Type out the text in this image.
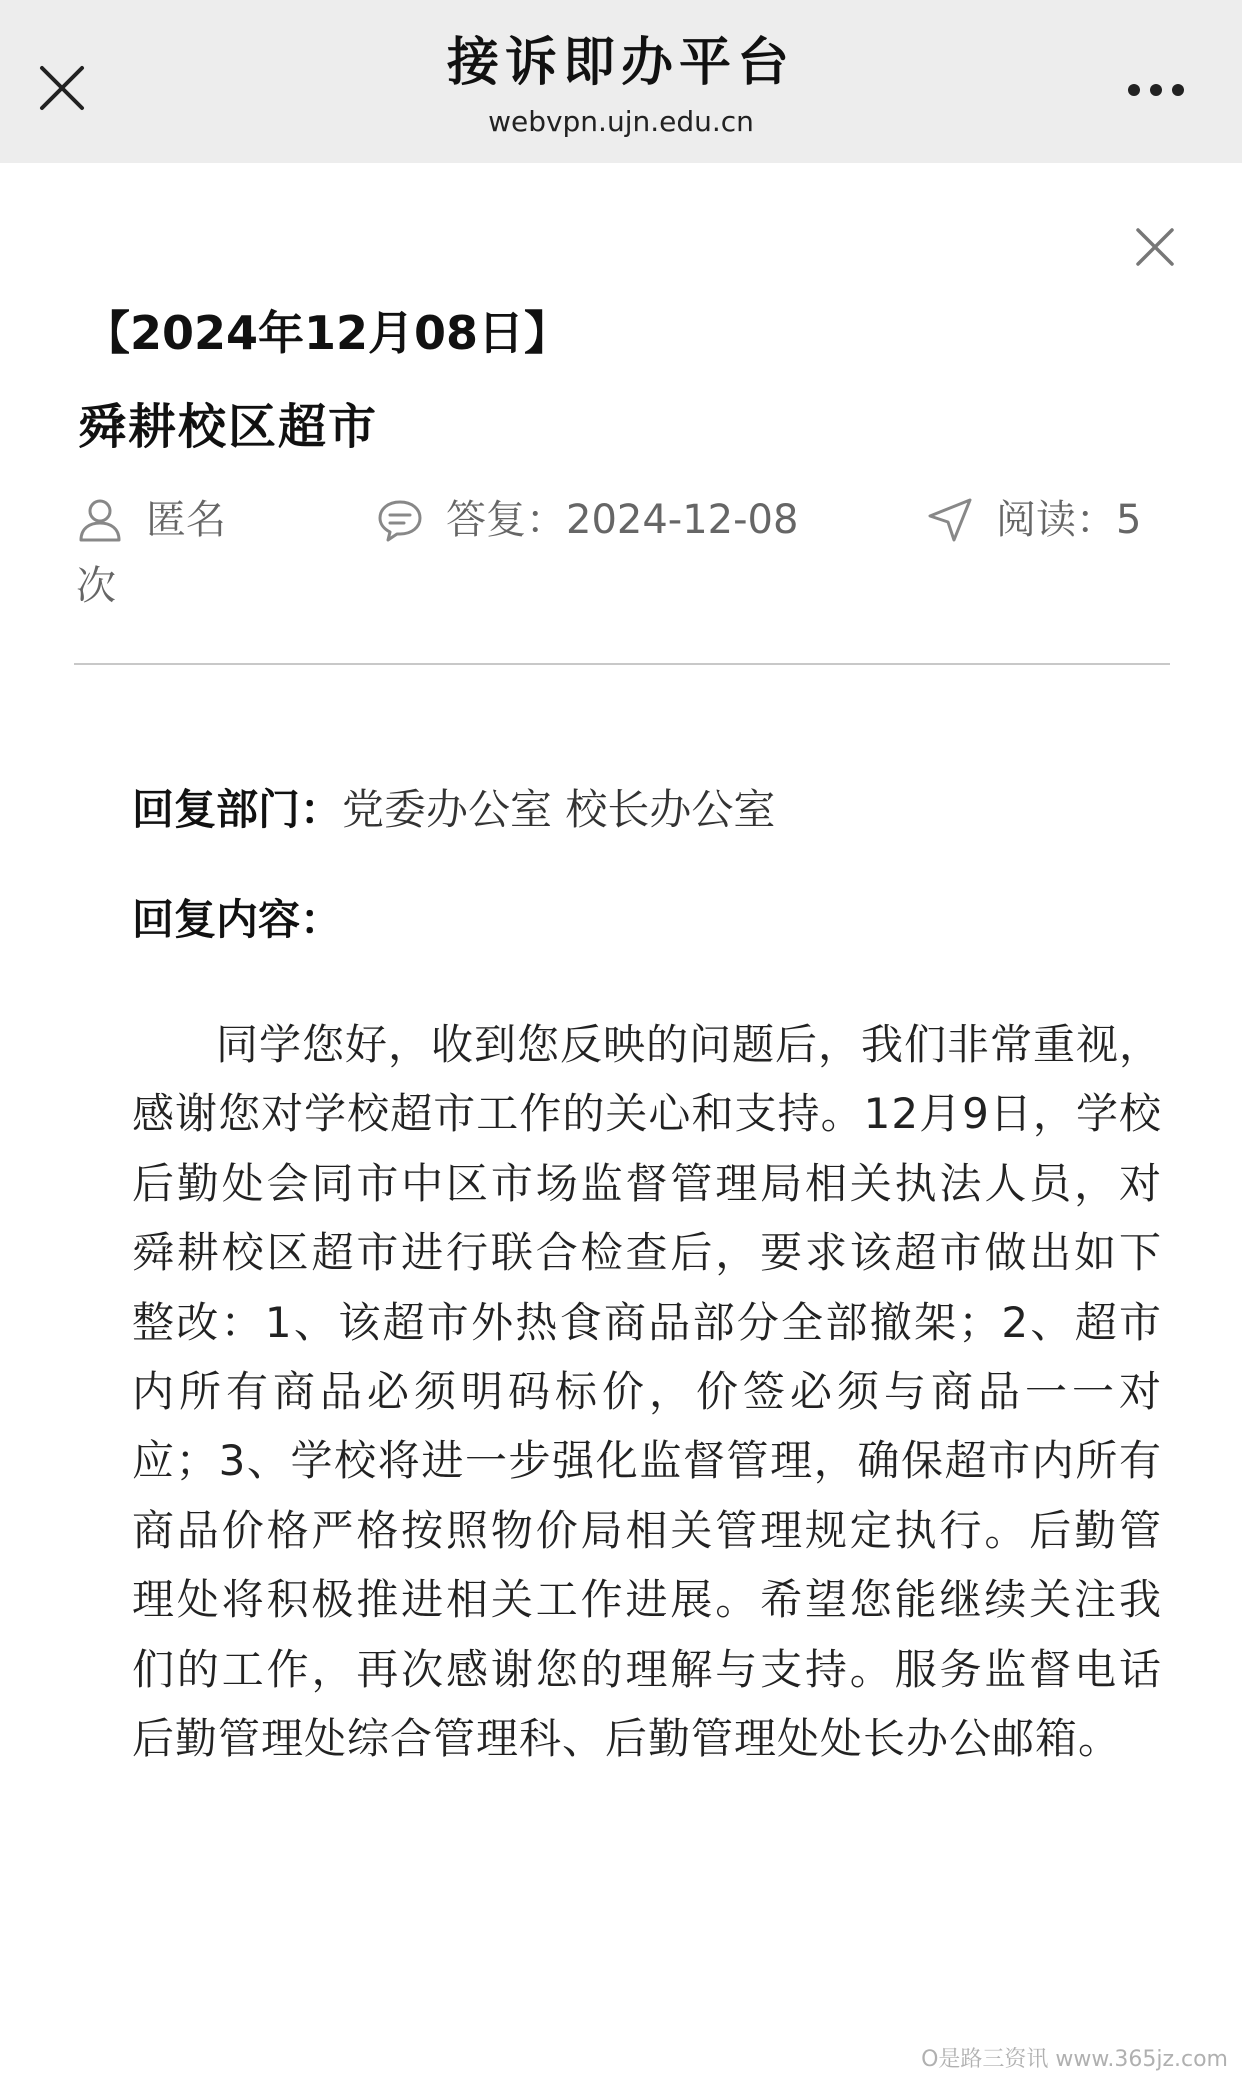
接诉即办平台
webvpn.ujn.edu.cn
【2024年12月08日】
舜耕校区超市
匿名	答复：2024-12-08	阅读：5
次
回复部门：党委办公室 校长办公室
回复内容：

同学您好，收到您反映的问题后，我们非常重视，感谢您对学校超市工作的关心和支持。12月9日，学校后勤处会同市中区市场监督管理局相关执法人员，对舜耕校区超市进行联合检查后，要求该超市做出如下整改：1、该超市外热食商品部分全部撤架；2、超市内所有商品必须明码标价，价签必须与商品一一对应；3、学校将进一步强化监督管理，确保超市内所有商品价格严格按照物价局相关管理规定执行。后勤管理处将积极推进相关工作进展。希望您能继续关注我们的工作，再次感谢您的理解与支持。服务监督电话后勤管理处综合管理科、后勤管理处处长办公邮箱。

O是路三资讯 www.365jz.com
